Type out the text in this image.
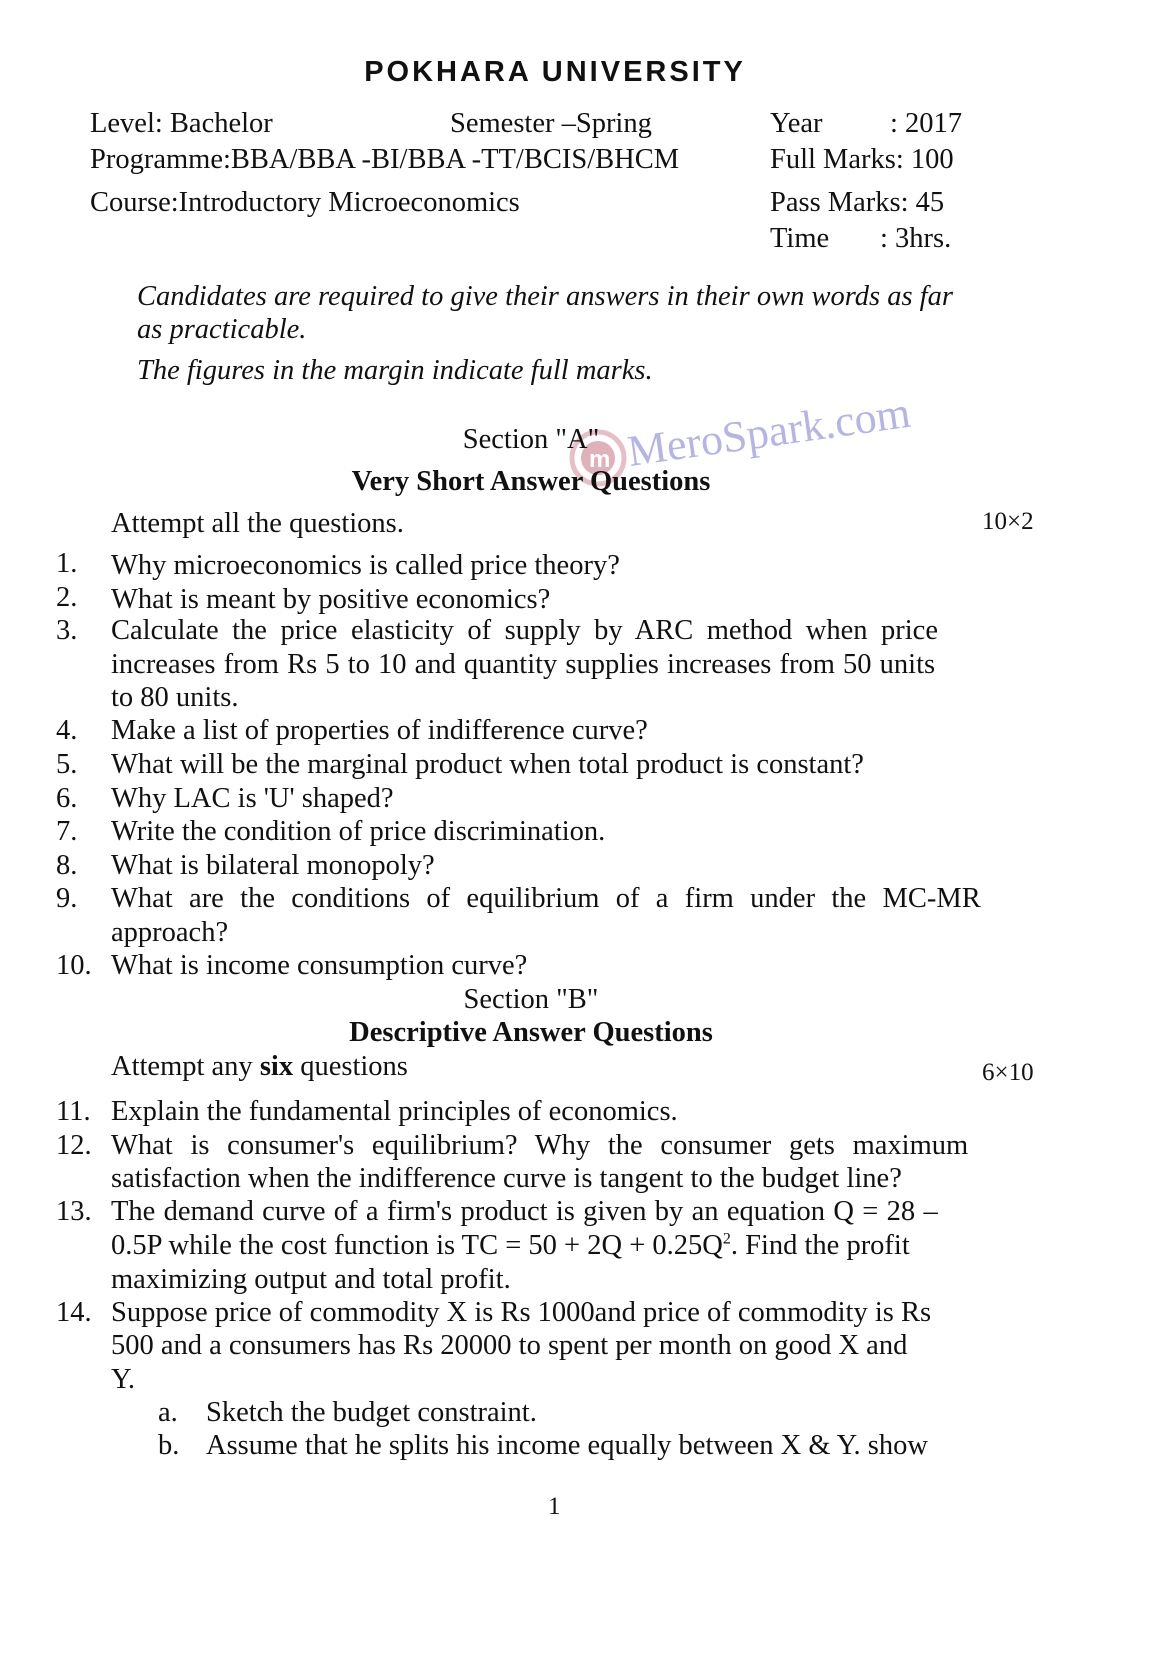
POKHARA UNIVERSITY
Level: Bachelor	Semester –Spring	Year : 2017
Programme:BBA/BBA -BI/BBA -TT/BCIS/BHCM	Full Marks: 100
Course:Introductory Microeconomics	Pass Marks: 45
Time : 3hrs.
Candidates are required to give their answers in their own words as far
as practicable.
The figures in the margin indicate full marks.
m MeroSpark.com
Section "A"
Very Short Answer Questions
Attempt all the questions.	10×2
1. Why microeconomics is called price theory?
2. What is meant by positive economics?
3. Calculate the price elasticity of supply by ARC method when price
increases from Rs 5 to 10 and quantity supplies increases from 50 units
to 80 units.
4. Make a list of properties of indifference curve?
5. What will be the marginal product when total product is constant?
6. Why LAC is 'U' shaped?
7. Write the condition of price discrimination.
8. What is bilateral monopoly?
9. What are the conditions of equilibrium of a firm under the MC-MR
approach?
10. What is income consumption curve?
Section "B"
Descriptive Answer Questions
Attempt any six questions	6×10
11. Explain the fundamental principles of economics.
12. What is consumer's equilibrium? Why the consumer gets maximum
satisfaction when the indifference curve is tangent to the budget line?
13. The demand curve of a firm's product is given by an equation Q = 28 –
0.5P while the cost function is TC = $50 + 2Q + 0.25Q^2$. Find the profit
maximizing output and total profit.
14. Suppose price of commodity X is Rs 1000and price of commodity is Rs
500 and a consumers has Rs 20000 to spent per month on good X and
Y.
a. Sketch the budget constraint.
b. Assume that he splits his income equally between X & Y. show
1
